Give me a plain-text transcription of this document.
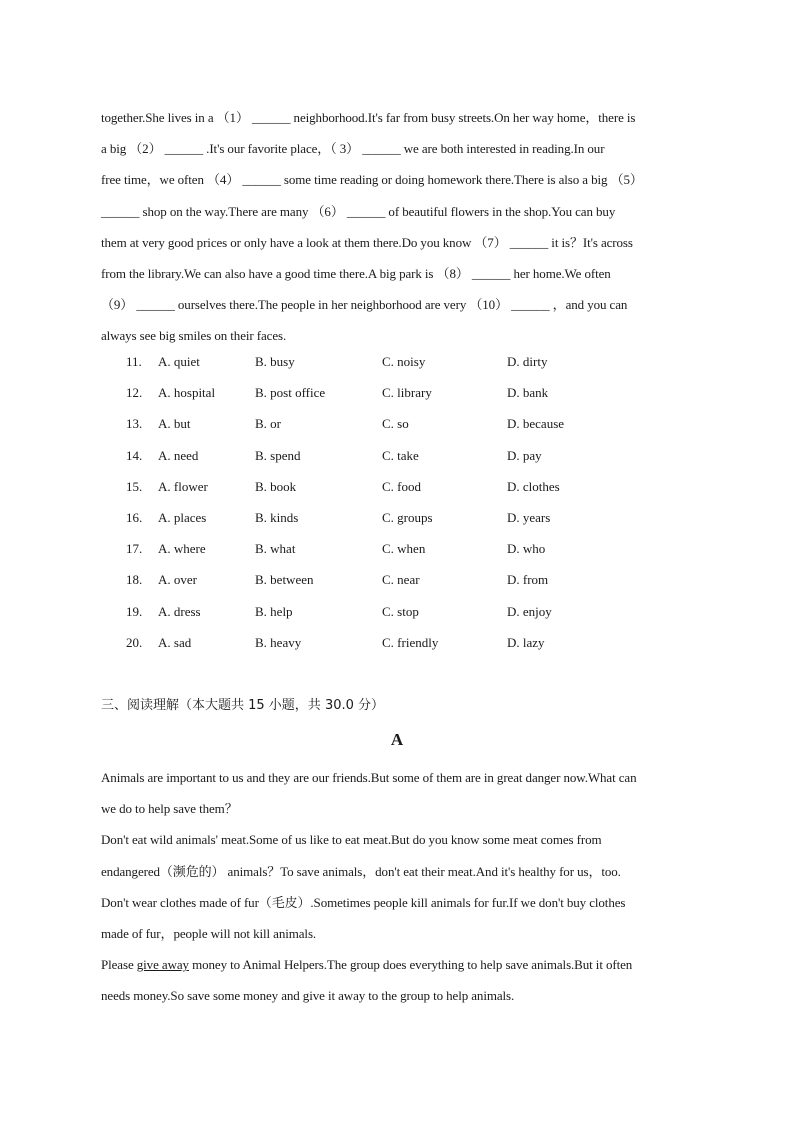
together.She lives in a （1） ______ neighborhood.It's far from busy streets.On her way home，there is

a big （2） ______ .It's our favorite place，（ 3） ______ we are both interested in reading.In our

free time，we often （4） ______ some time reading or doing homework there.There is also a big （5）

______ shop on the way.There are many （6） ______ of beautiful flowers in the shop.You can buy

them at very good prices or only have a look at them there.Do you know （7） ______ it is？It's across

from the library.We can also have a good time there.A big park is （8） ______ her home.We often

（9） ______ ourselves there.The people in her neighborhood are very （10） ______ ，and you can

always see big smiles on their faces.

11. A. quiet	B. busy	C. noisy	D. dirty
12. A. hospital	B. post office	C. library	D. bank
13. A. but	B. or	C. so	D. because
14. A. need	B. spend	C. take	D. pay
15. A. flower	B. book	C. food	D. clothes
16. A. places	B. kinds	C. groups	D. years
17. A. where	B. what	C. when	D. who
18. A. over	B. between	C. near	D. from
19. A. dress	B. help	C. stop	D. enjoy
20. A. sad	B. heavy	C. friendly	D. lazy
三、阅读理解（本大题共 15 小题，共 30.0 分）
A

Animals are important to us and they are our friends.But some of them are in great danger now.What can

we do to help save them？

Don't eat wild animals' meat.Some of us like to eat meat.But do you know some meat comes from

endangered（濒危的） animals？To save animals，don't eat their meat.And it's healthy for us，too.

Don't wear clothes made of fur（毛皮）.Sometimes people kill animals for fur.If we don't buy clothes

made of fur，people will not kill animals.

Please give away money to Animal Helpers.The group does everything to help save animals.But it often

needs money.So save some money and give it away to the group to help animals.
